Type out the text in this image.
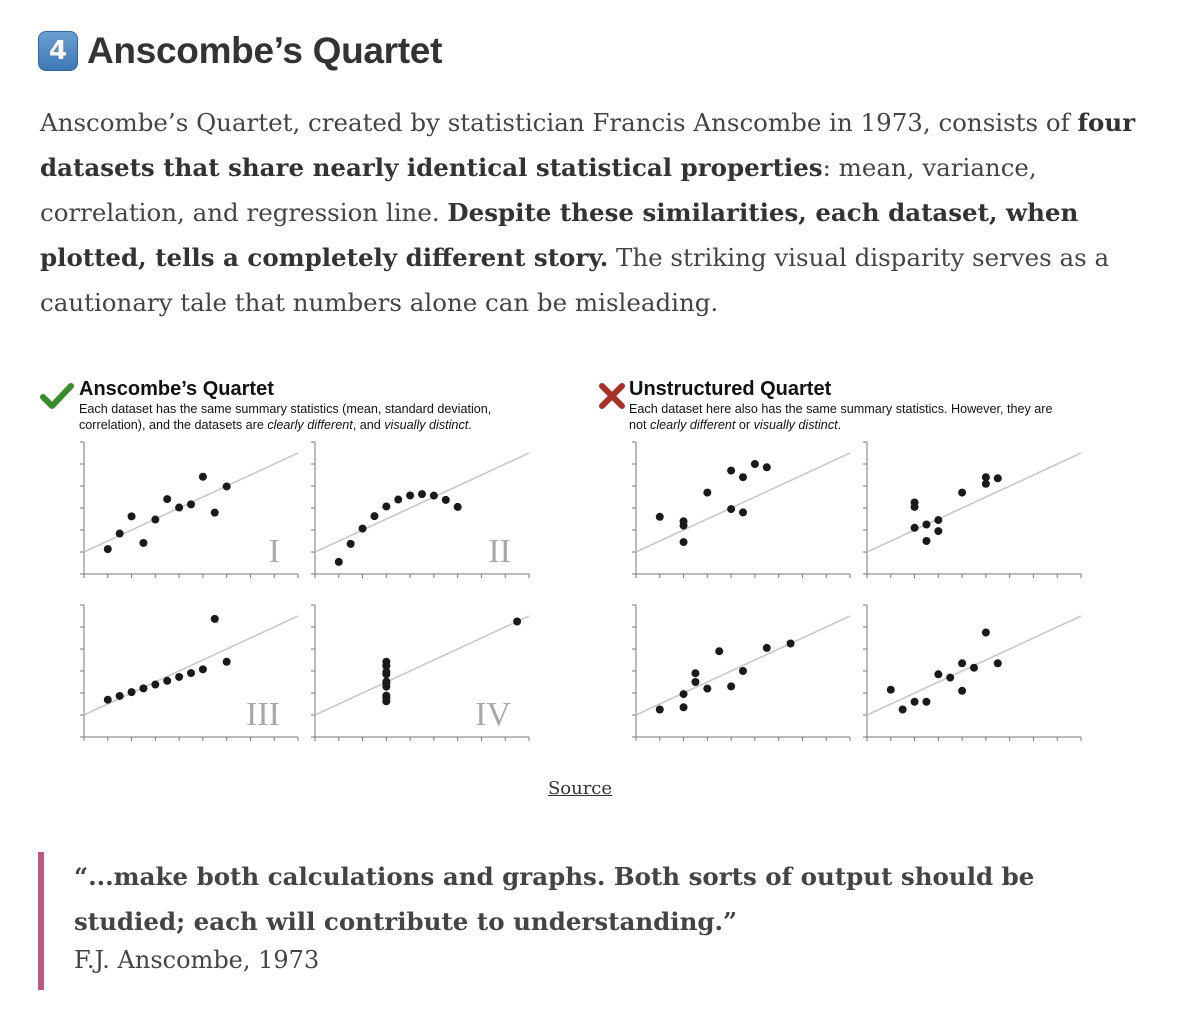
4 Anscombe’s Quartet

Anscombe’s Quartet, created by statistician Francis Anscombe in 1973, consists of four datasets that share nearly identical statistical properties: mean, variance, correlation, and regression line. Despite these similarities, each dataset, when plotted, tells a completely different story. The striking visual disparity serves as a cautionary tale that numbers alone can be misleading.

Anscombe’s Quartet
Each dataset has the same summary statistics (mean, standard deviation, correlation), and the datasets are clearly different, and visually distinct.
Unstructured Quartet
Each dataset here also has the same summary statistics. However, they are not clearly different or visually distinct.
I	II
III	IV
Source

“...make both calculations and graphs. Both sorts of output should be studied; each will contribute to understanding.”

F.J. Anscombe, 1973
